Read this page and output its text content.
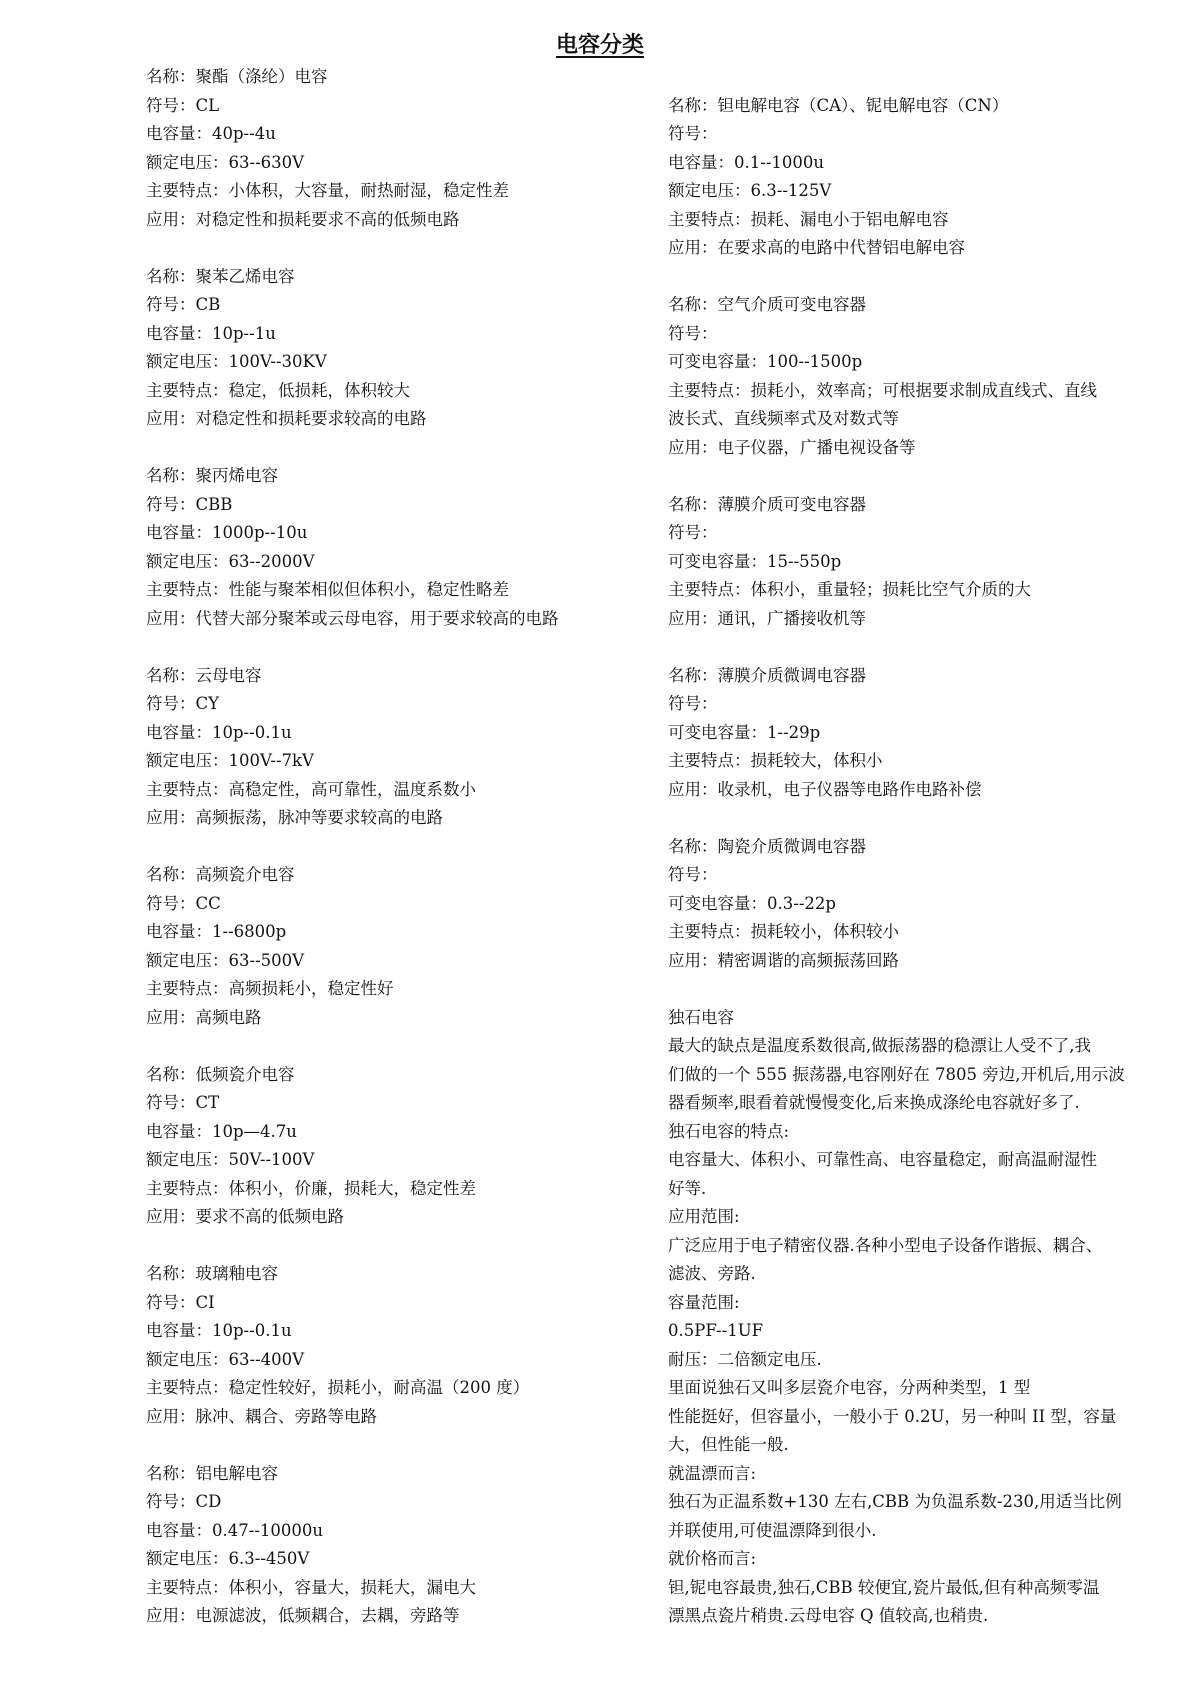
电容分类
名称：聚酯（涤纶）电容
符号：CL
电容量：40p--4u
额定电压：63--630V
主要特点：小体积，大容量，耐热耐湿，稳定性差
应用：对稳定性和损耗要求不高的低频电路
名称：聚苯乙烯电容
符号：CB
电容量：10p--1u
额定电压：100V--30KV
主要特点：稳定，低损耗，体积较大
应用：对稳定性和损耗要求较高的电路
名称：聚丙烯电容
符号：CBB
电容量：1000p--10u
额定电压：63--2000V
主要特点：性能与聚苯相似但体积小，稳定性略差
应用：代替大部分聚苯或云母电容，用于要求较高的电路
名称：云母电容
符号：CY
电容量：10p--0.1u
额定电压：100V--7kV
主要特点：高稳定性，高可靠性，温度系数小
应用：高频振荡，脉冲等要求较高的电路
名称：高频瓷介电容
符号：CC
电容量：1--6800p
额定电压：63--500V
主要特点：高频损耗小，稳定性好
应用：高频电路
名称：低频瓷介电容
符号：CT
电容量：10p—4.7u
额定电压：50V--100V
主要特点：体积小，价廉，损耗大，稳定性差
应用：要求不高的低频电路
名称：玻璃釉电容
符号：CI
电容量：10p--0.1u
额定电压：63--400V
主要特点：稳定性较好，损耗小，耐高温（200 度）
应用：脉冲、耦合、旁路等电路
名称：铝电解电容
符号：CD
电容量：0.47--10000u
额定电压：6.3--450V
主要特点：体积小，容量大，损耗大，漏电大
应用：电源滤波，低频耦合，去耦，旁路等
名称：钽电解电容（CA）、铌电解电容（CN）
符号：
电容量：0.1--1000u
额定电压：6.3--125V
主要特点：损耗、漏电小于铝电解电容
应用：在要求高的电路中代替铝电解电容
名称：空气介质可变电容器
符号：
可变电容量：100--1500p
主要特点：损耗小，效率高；可根据要求制成直线式、直线
波长式、直线频率式及对数式等
应用：电子仪器，广播电视设备等
名称：薄膜介质可变电容器
符号：
可变电容量：15--550p
主要特点：体积小，重量轻；损耗比空气介质的大
应用：通讯，广播接收机等
名称：薄膜介质微调电容器
符号：
可变电容量：1--29p
主要特点：损耗较大，体积小
应用：收录机，电子仪器等电路作电路补偿
名称：陶瓷介质微调电容器
符号：
可变电容量：0.3--22p
主要特点：损耗较小，体积较小
应用：精密调谐的高频振荡回路
独石电容
最大的缺点是温度系数很高,做振荡器的稳漂让人受不了,我
们做的一个 555 振荡器,电容刚好在 7805 旁边,开机后,用示波
器看频率,眼看着就慢慢变化,后来换成涤纶电容就好多了.
独石电容的特点:
电容量大、体积小、可靠性高、电容量稳定，耐高温耐湿性
好等.
应用范围:
广泛应用于电子精密仪器.各种小型电子设备作谐振、耦合、
滤波、旁路.
容量范围:
0.5PF--1UF
耐压：二倍额定电压.
里面说独石又叫多层瓷介电容，分两种类型，1 型
性能挺好，但容量小，一般小于 0.2U，另一种叫 II 型，容量
大，但性能一般.
就温漂而言:
独石为正温系数+130 左右,CBB 为负温系数-230,用适当比例
并联使用,可使温漂降到很小.
就价格而言:
钽,铌电容最贵,独石,CBB 较便宜,瓷片最低,但有种高频零温
漂黑点瓷片稍贵.云母电容 Q 值较高,也稍贵.
